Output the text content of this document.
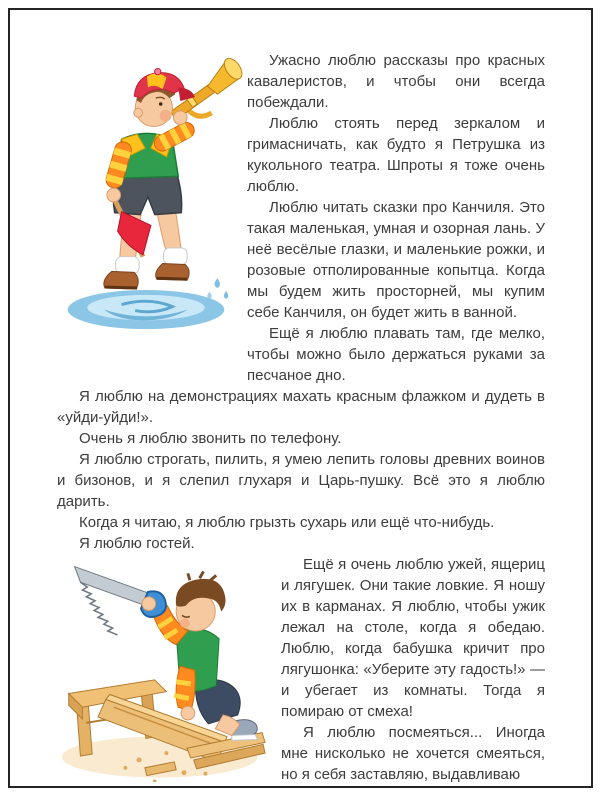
Ужасно люблю рассказы про красных кавалеристов, и чтобы они всегда побеждали.

Люблю стоять перед зеркалом и гримасничать, как будто я Петрушка из кукольного театра. Шпроты я тоже очень люблю.

Люблю читать сказки про Канчиля. Это такая маленькая, умная и озорная лань. У неё весёлые глазки, и маленькие рожки, и розовые отполированные копытца. Когда мы будем жить просторней, мы купим себе Канчиля, он будет жить в ванной.

Ещё я люблю плавать там, где мелко, чтобы можно было держаться руками за песчаное дно.

Я люблю на демонстрациях махать красным флажком и дудеть в «уйди-уйди!».

Очень я люблю звонить по телефону.

Я люблю строгать, пилить, я умею лепить головы древних воинов и бизонов, и я слепил глухаря и Царь-пушку. Всё это я люблю дарить.

Когда я читаю, я люблю грызть сухарь или ещё что-нибудь.

Я люблю гостей.

Ещё я очень люблю ужей, ящериц и лягушек. Они такие ловкие. Я ношу их в карманах. Я люблю, чтобы ужик лежал на столе, когда я обедаю. Люблю, когда бабушка кричит про лягушонка: «Уберите эту гадость!» — и убегает из комнаты. Тогда я помираю от смеха!

Я люблю посмеяться... Иногда мне нисколько не хочется смеяться, но я себя заставляю, выдавливаю
